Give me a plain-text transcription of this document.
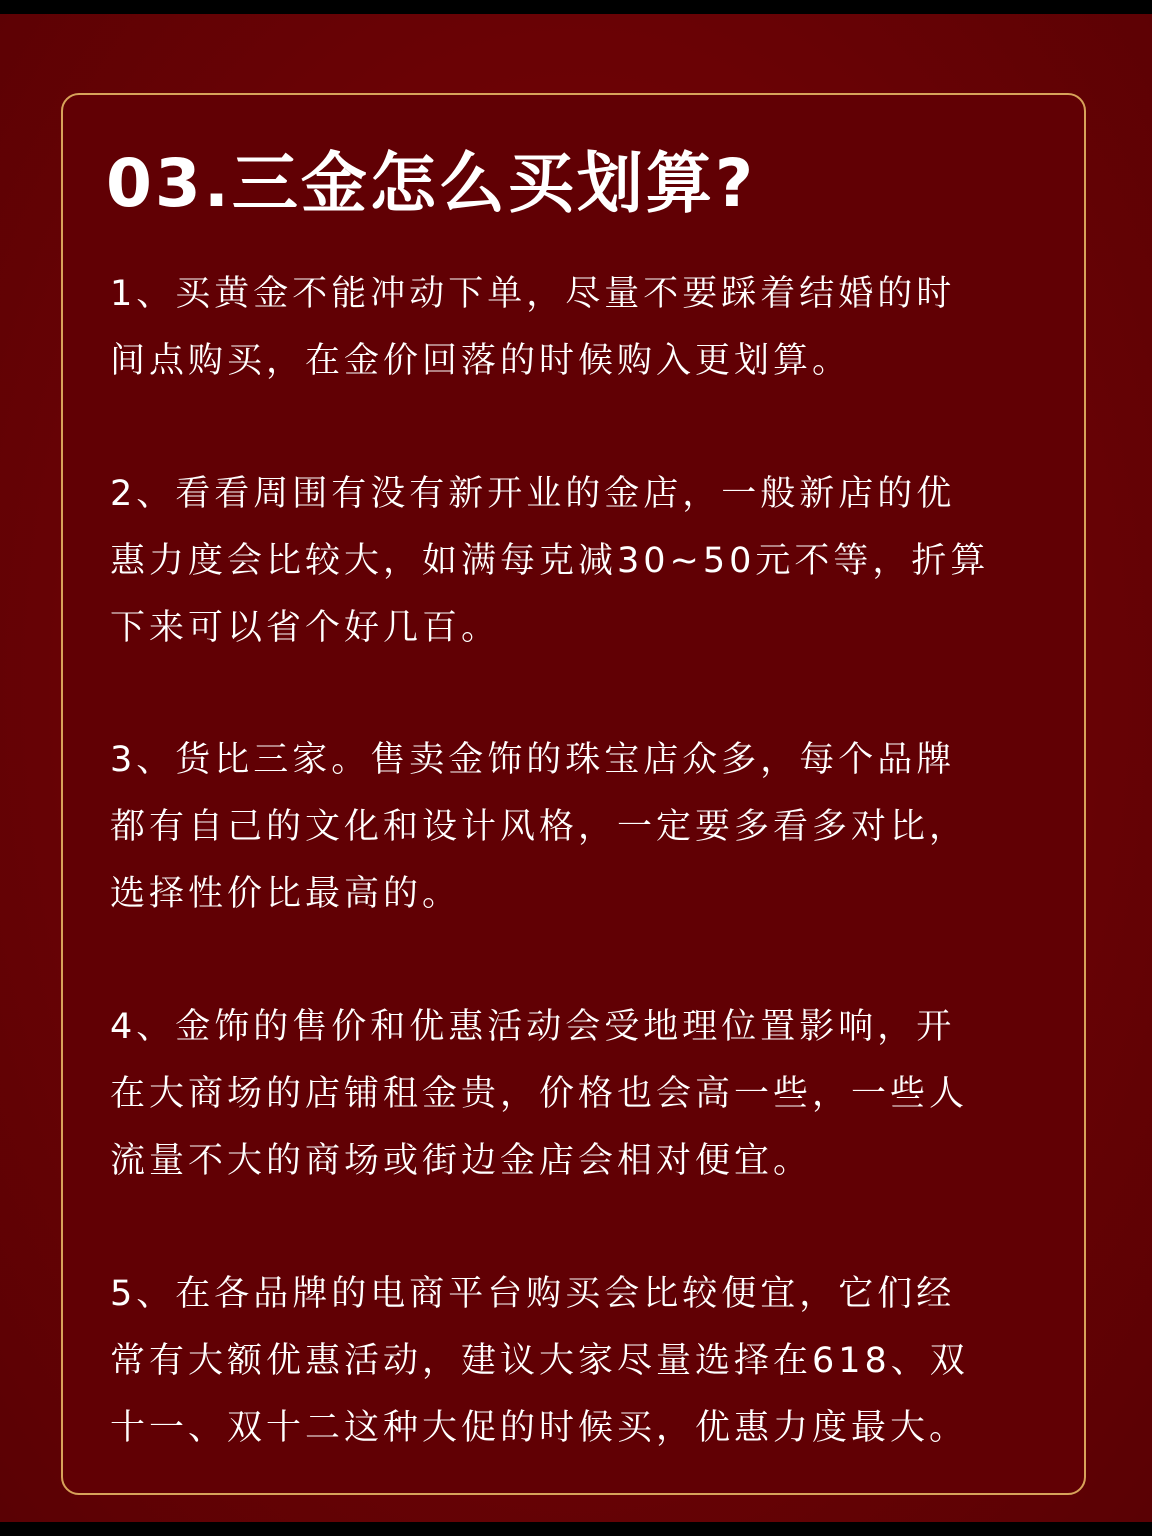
03.三金怎么买划算?
1、买黄金不能冲动下单，尽量不要踩着结婚的时
间点购买，在金价回落的时候购入更划算。
2、看看周围有没有新开业的金店，一般新店的优
惠力度会比较大，如满每克减30~50元不等，折算
下来可以省个好几百。
3、货比三家。售卖金饰的珠宝店众多，每个品牌
都有自己的文化和设计风格，一定要多看多对比，
选择性价比最高的。
4、金饰的售价和优惠活动会受地理位置影响，开
在大商场的店铺租金贵，价格也会高一些，一些人
流量不大的商场或街边金店会相对便宜。
5、在各品牌的电商平台购买会比较便宜，它们经
常有大额优惠活动，建议大家尽量选择在618、双
十一、双十二这种大促的时候买，优惠力度最大。
